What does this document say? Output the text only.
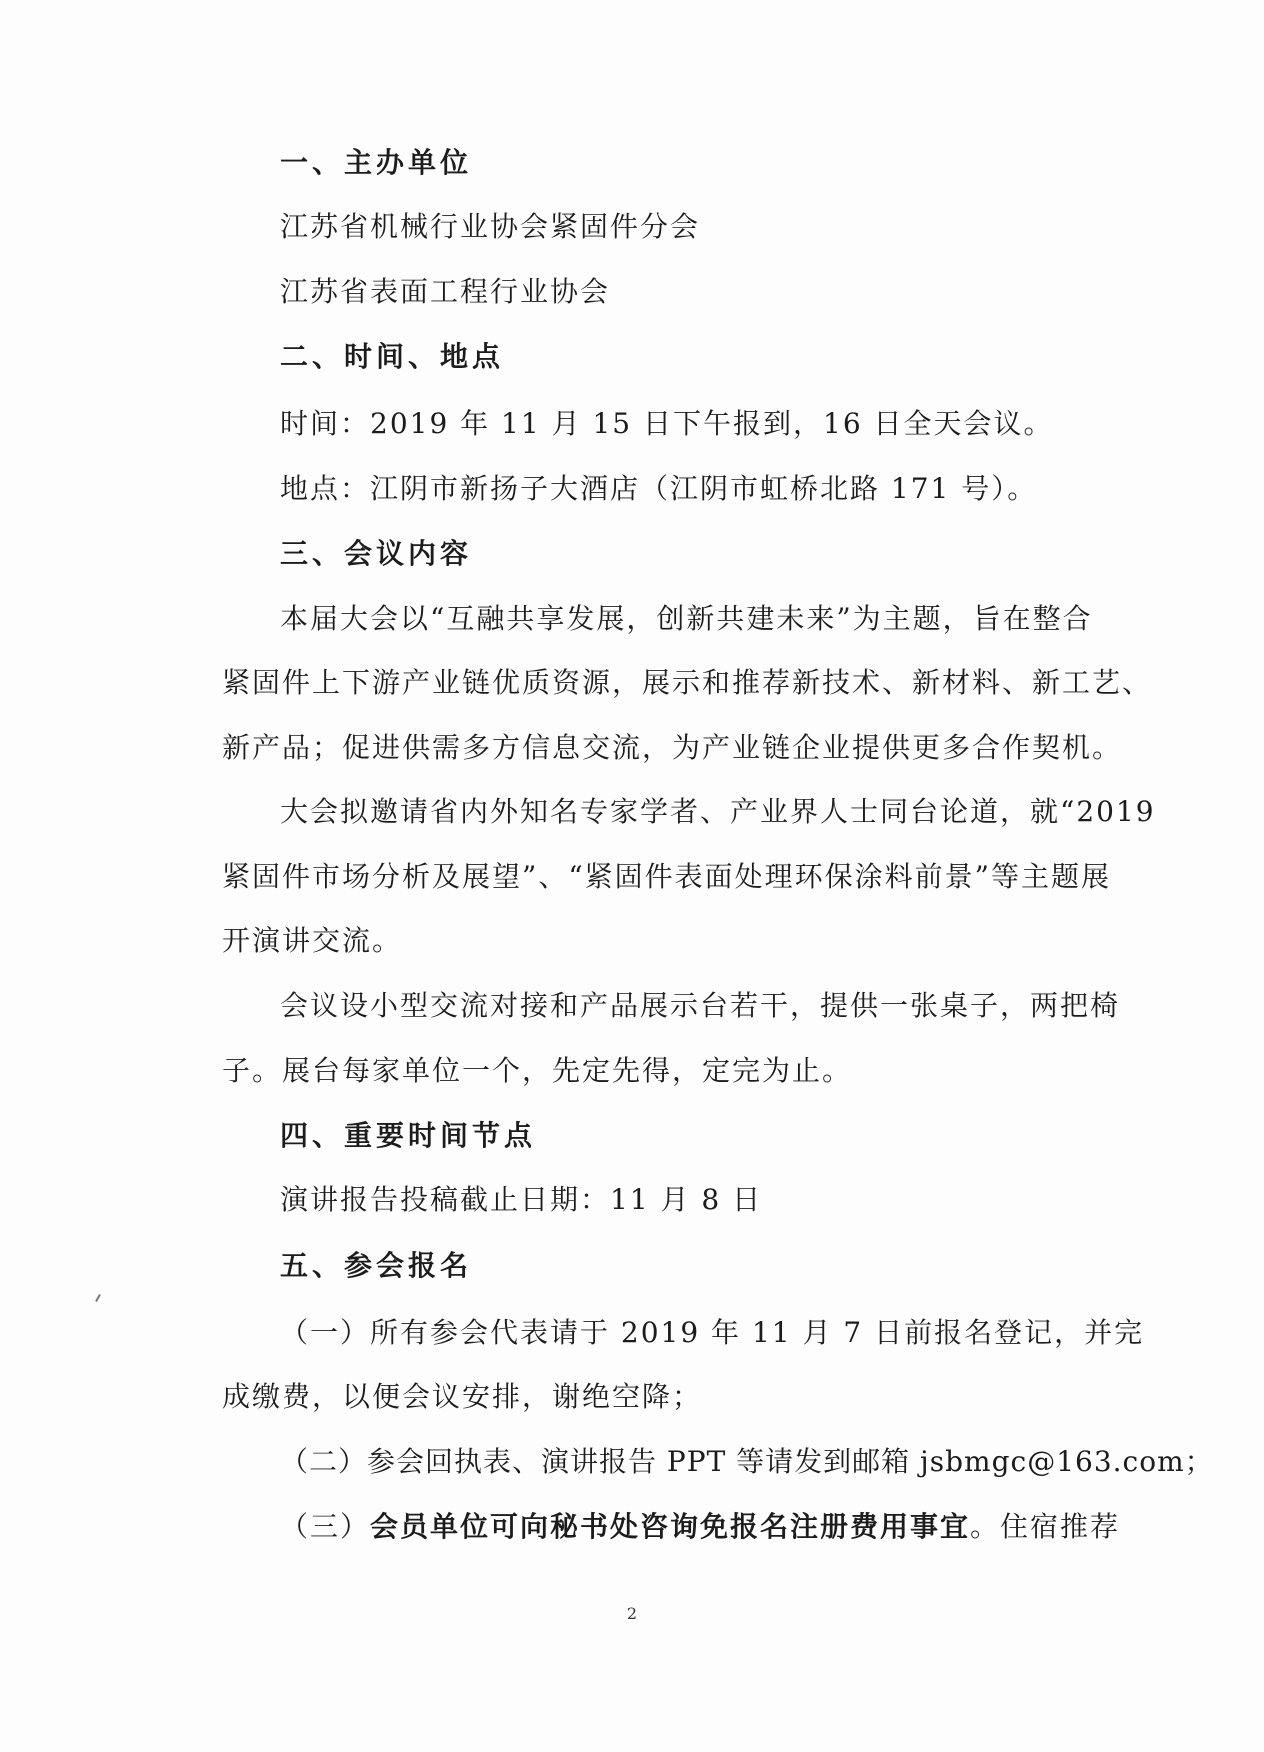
一、主办单位
江苏省机械行业协会紧固件分会
江苏省表面工程行业协会
二、时间、地点
时间：2019 年 11 月 15 日下午报到，16 日全天会议。
地点：江阴市新扬子大酒店（江阴市虹桥北路 171 号）。
三、会议内容
本届大会以“互融共享发展，创新共建未来”为主题，旨在整合
紧固件上下游产业链优质资源，展示和推荐新技术、新材料、新工艺、
新产品；促进供需多方信息交流，为产业链企业提供更多合作契机。
大会拟邀请省内外知名专家学者、产业界人士同台论道，就“2019
紧固件市场分析及展望”、“紧固件表面处理环保涂料前景”等主题展
开演讲交流。
会议设小型交流对接和产品展示台若干，提供一张桌子，两把椅
子。展台每家单位一个，先定先得，定完为止。
四、重要时间节点
演讲报告投稿截止日期：11 月 8 日
五、参会报名
（一）所有参会代表请于 2019 年 11 月 7 日前报名登记，并完
成缴费，以便会议安排，谢绝空降；
（二）参会回执表、演讲报告 PPT 等请发到邮箱 jsbmgc@163.com；
（三）会员单位可向秘书处咨询免报名注册费用事宜。住宿推荐
2
